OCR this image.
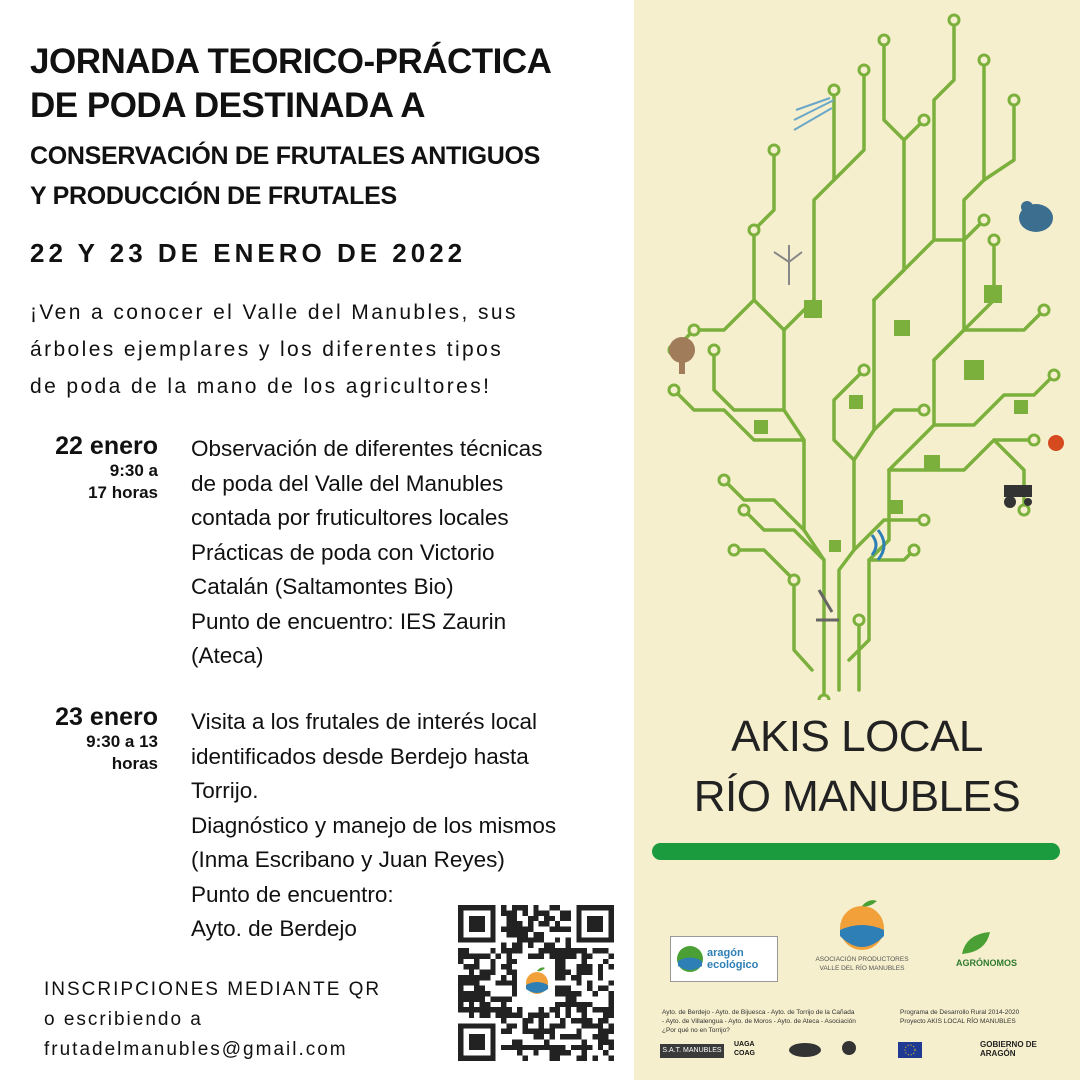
JORNADA TEORICO-PRÁCTICA
DE PODA DESTINADA A
CONSERVACIÓN DE FRUTALES ANTIGUOS
Y PRODUCCIÓN DE FRUTALES
22 Y 23 DE ENERO DE 2022
¡Ven a conocer el Valle del Manubles, sus
árboles ejemplares y los diferentes tipos
de poda de la mano de los agricultores!
22 enero
9:30 a
17 horas
Observación de diferentes técnicas
de poda del Valle del Manubles
contada por fruticultores locales
Prácticas de poda con Victorio
Catalán (Saltamontes Bio)
Punto de encuentro: IES Zaurin
(Ateca)
23 enero
9:30 a 13
horas
Visita a los frutales de interés local
identificados desde Berdejo hasta
Torrijo.
Diagnóstico y manejo de los mismos
(Inma Escribano y Juan Reyes)
Punto de encuentro:
Ayto. de Berdejo
INSCRIPCIONES MEDIANTE QR
o escribiendo a
frutadelmanubles@gmail.com
AKIS LOCAL
RÍO MANUBLES
aragón ecológico	ASOCIACIÓN PRODUCTORES
VALLE DEL RÍO MANUBLES
AGRÓNOMOS
Ayto. de Berdejo - Ayto. de Bijuesca - Ayto. de Torrijo de la Cañada
- Ayto. de Villalengua - Ayto. de Moros - Ayto. de Ateca - Asociación
¿Por qué no en Torrijo?
Programa de Desarrollo Rural 2014-2020
Proyecto AKIS LOCAL RÍO MANUBLES
S.A.T. MANUBLES
UAGA COAG
GOBIERNO DE ARAGÓN
